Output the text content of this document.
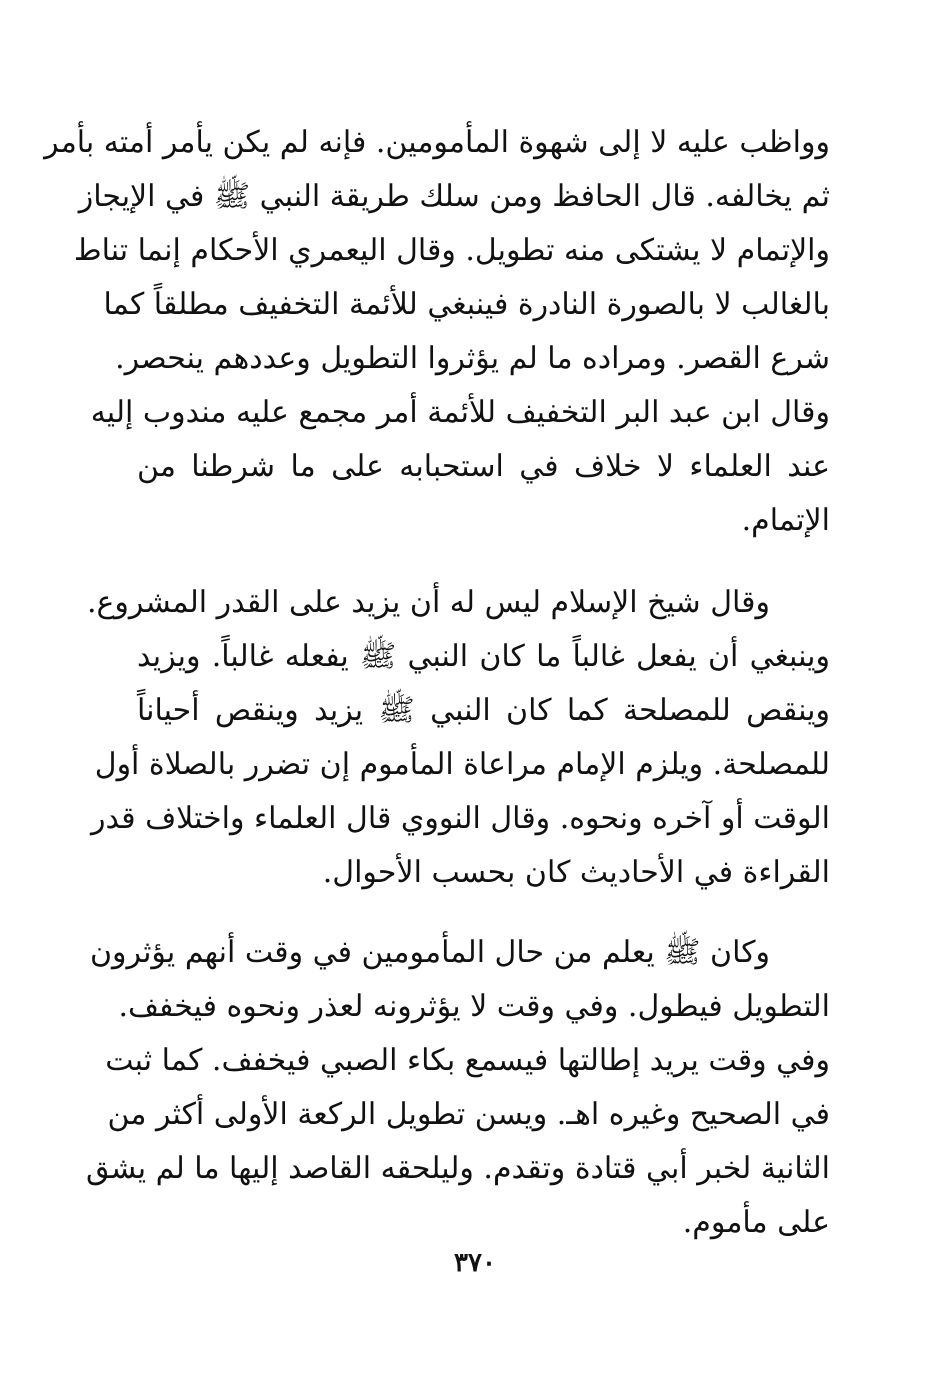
وواظب عليه لا إلى شهوة المأمومين. فإنه لم يكن يأمر أمته بأمر
ثم يخالفه. قال الحافظ ومن سلك طريقة النبي ﷺ في الإيجاز
والإتمام لا يشتكى منه تطويل. وقال اليعمري الأحكام إنما تناط
بالغالب لا بالصورة النادرة فينبغي للأئمة التخفيف مطلقاً كما
شرع القصر. ومراده ما لم يؤثروا التطويل وعددهم ينحصر.
وقال ابن عبد البر التخفيف للأئمة أمر مجمع عليه مندوب إليه
عند العلماء لا خلاف في استحبابه على ما شرطنا من
الإتمام.
وقال شيخ الإسلام ليس له أن يزيد على القدر المشروع.
وينبغي أن يفعل غالباً ما كان النبي ﷺ يفعله غالباً. ويزيد
وينقص للمصلحة كما كان النبي ﷺ يزيد وينقص أحياناً
للمصلحة. ويلزم الإمام مراعاة المأموم إن تضرر بالصلاة أول
الوقت أو آخره ونحوه. وقال النووي قال العلماء واختلاف قدر
القراءة في الأحاديث كان بحسب الأحوال.
وكان ﷺ يعلم من حال المأمومين في وقت أنهم يؤثرون
التطويل فيطول. وفي وقت لا يؤثرونه لعذر ونحوه فيخفف.
وفي وقت يريد إطالتها فيسمع بكاء الصبي فيخفف. كما ثبت
في الصحيح وغيره اهـ. ويسن تطويل الركعة الأولى أكثر من
الثانية لخبر أبي قتادة وتقدم. وليلحقه القاصد إليها ما لم يشق
على مأموم.

٣٧٠
